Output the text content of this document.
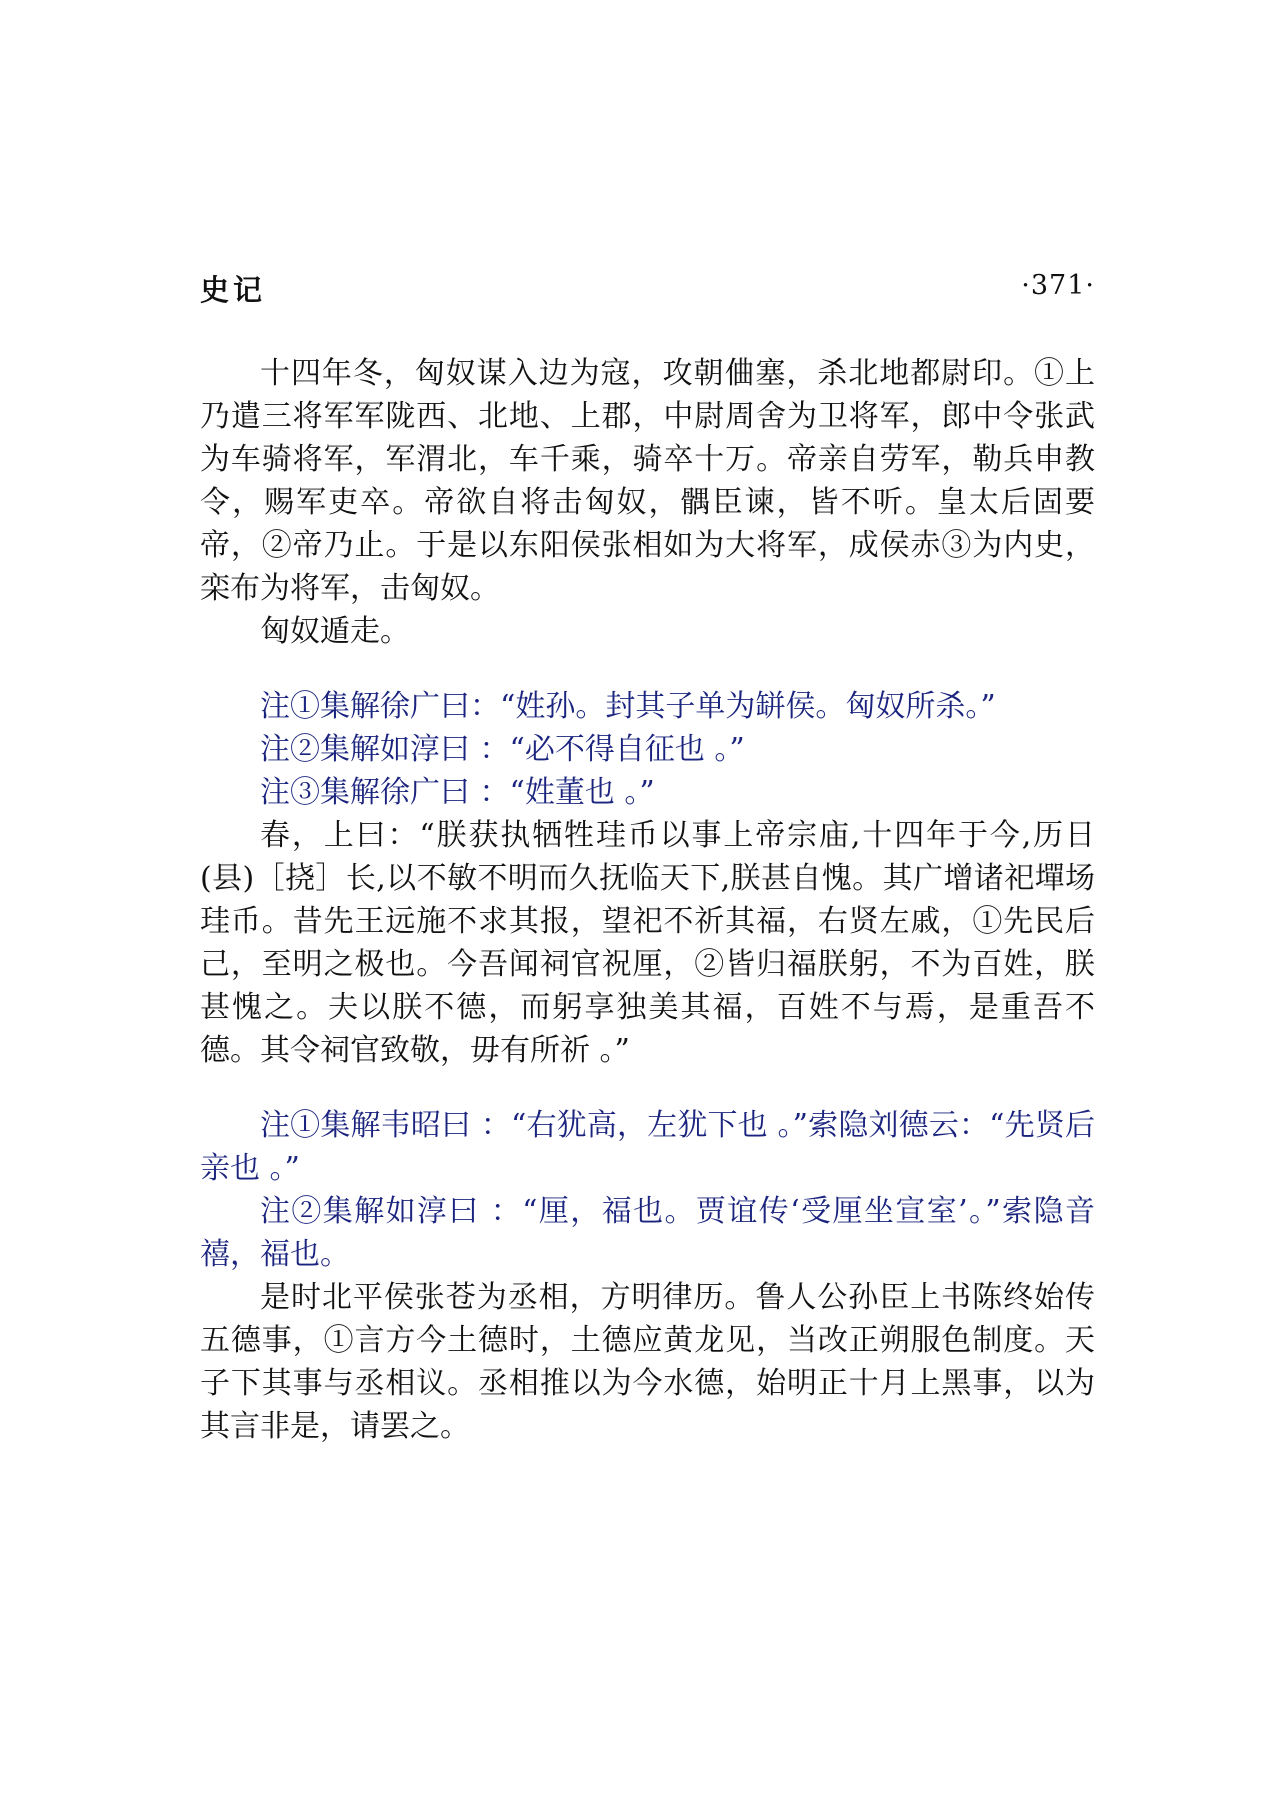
史记	·371·

十四年冬，匈奴谋入边为寇，攻朝㑋塞，杀北地都尉印。①上乃遣三将军军陇西、北地、上郡，中尉周舍为卫将军，郎中令张武为车骑将军，军渭北，车千乘，骑卒十万。帝亲自劳军，勒兵申教令，赐军吏卒。帝欲自将击匈奴，髃臣谏，皆不听。皇太后固要帝，②帝乃止。于是以东阳侯张相如为大将军，成侯赤③为内史，栾布为将军，击匈奴。

匈奴遁走。

注①集解徐广曰：“姓孙。封其子单为缾侯。匈奴所杀。”

注②集解如淳曰 ：“必不得自征也 。”

注③集解徐广曰 ：“姓董也 。”

春，上曰：“朕获执牺牲珪币以事上帝宗庙,十四年于今,历日(县)［挠］长,以不敏不明而久抚临天下,朕甚自愧。其广增诸祀墠场珪币。昔先王远施不求其报，望祀不祈其福，右贤左戚，①先民后己，至明之极也。今吾闻祠官祝厘，②皆归福朕躬，不为百姓，朕甚愧之。夫以朕不德，而躬享独美其福，百姓不与焉，是重吾不德。其令祠官致敬，毋有所祈 。”

注①集解韦昭曰 ：“右犹高，左犹下也 。”索隐刘德云：“先贤后亲也 。”

注②集解如淳曰 ：“厘，福也。贾谊传‘受厘坐宣室’。”索隐音禧，福也。

是时北平侯张苍为丞相，方明律历。鲁人公孙臣上书陈终始传五德事，①言方今土德时，土德应黄龙见，当改正朔服色制度。天子下其事与丞相议。丞相推以为今水德，始明正十月上黑事，以为其言非是，请罢之。
